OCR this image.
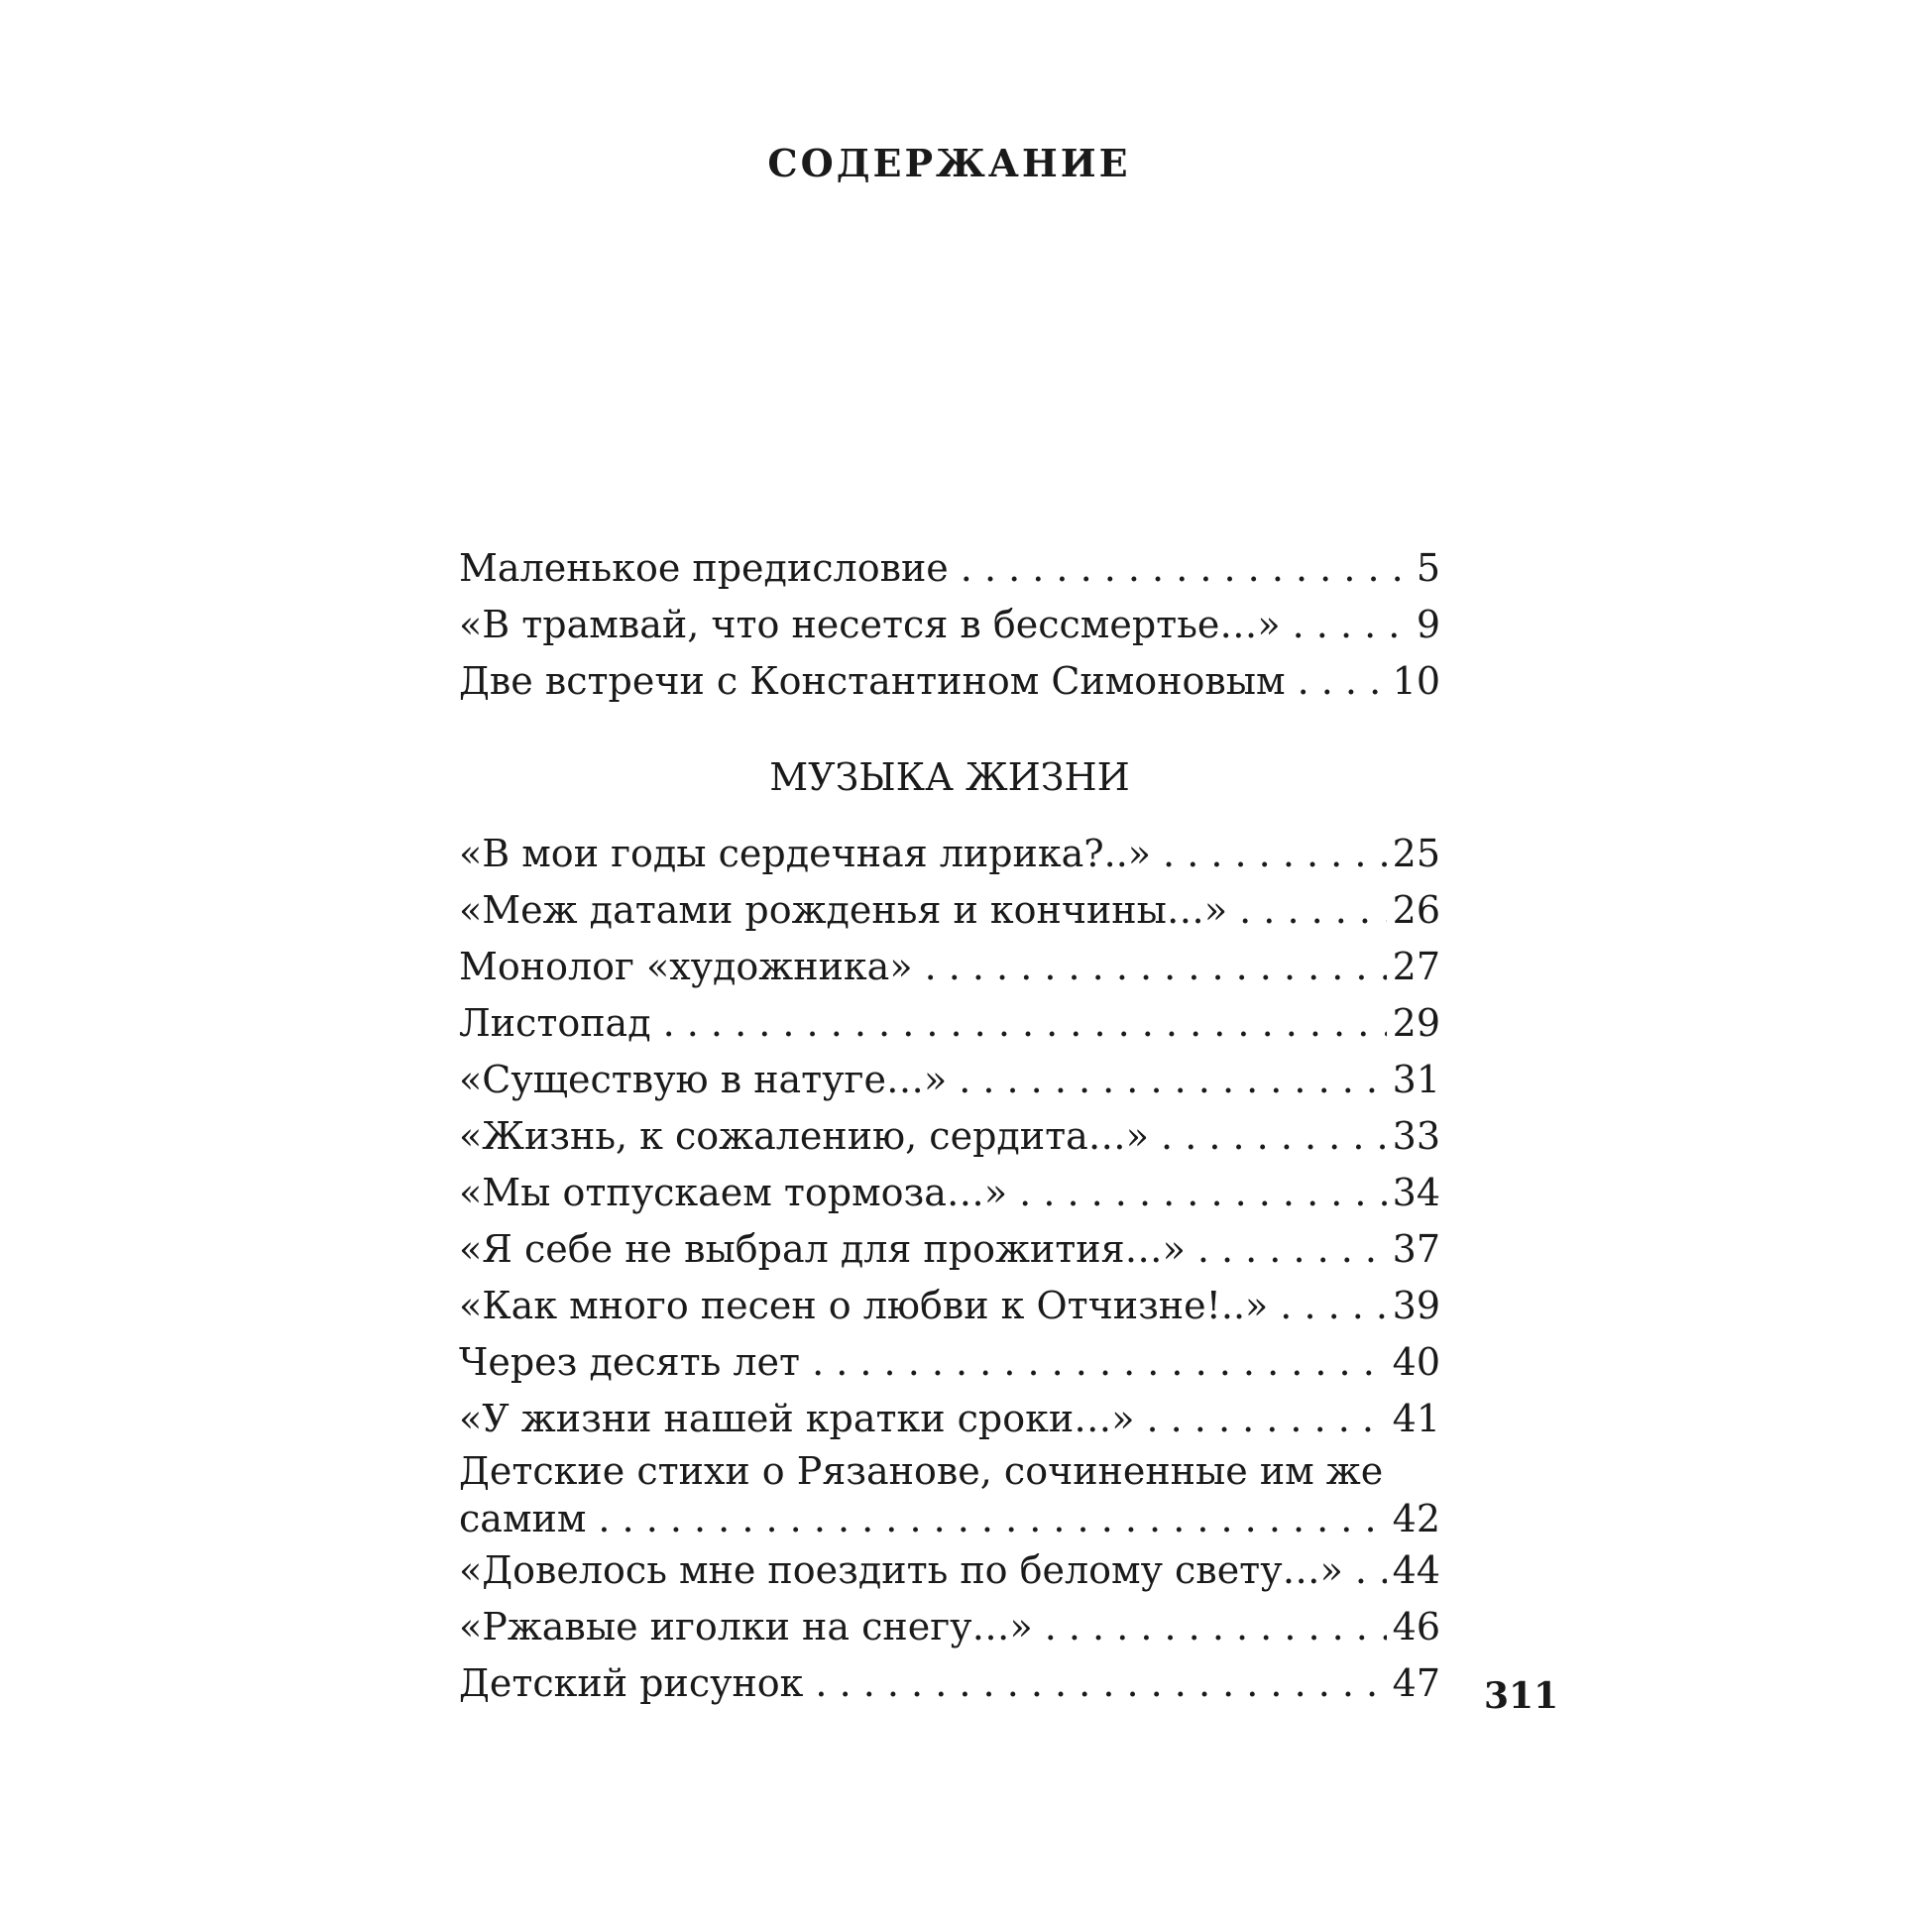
СОДЕРЖАНИЕ
Маленькое предисловие . . .	5
«В трамвай, что несется в бессмертье…» . . .	9
Две встречи с Константином Симоновым . . .	10
МУЗЫКА ЖИЗНИ
«В мои годы сердечная лирика?..» . . .	25
«Меж датами рожденья и кончины…» . . .	26
Монолог «художника» . . .	27
Листопад . . .	29
«Существую в натуге…» . . .	31
«Жизнь, к сожалению, сердита…» . . .	33
«Мы отпускаем тормоза…» . . .	34
«Я себе не выбрал для прожития…» . . .	37
«Как много песен о любви к Отчизне!..» . . .	39
Через десять лет . . .	40
«У жизни нашей кратки сроки…» . . .	41
Детские стихи о Рязанове, сочиненные им же
самим . . .	42
«Довелось мне поездить по белому свету…» . . . 44
«Ржавые иголки на снегу…» . . .	46
Детский рисунок . . .	47 311
